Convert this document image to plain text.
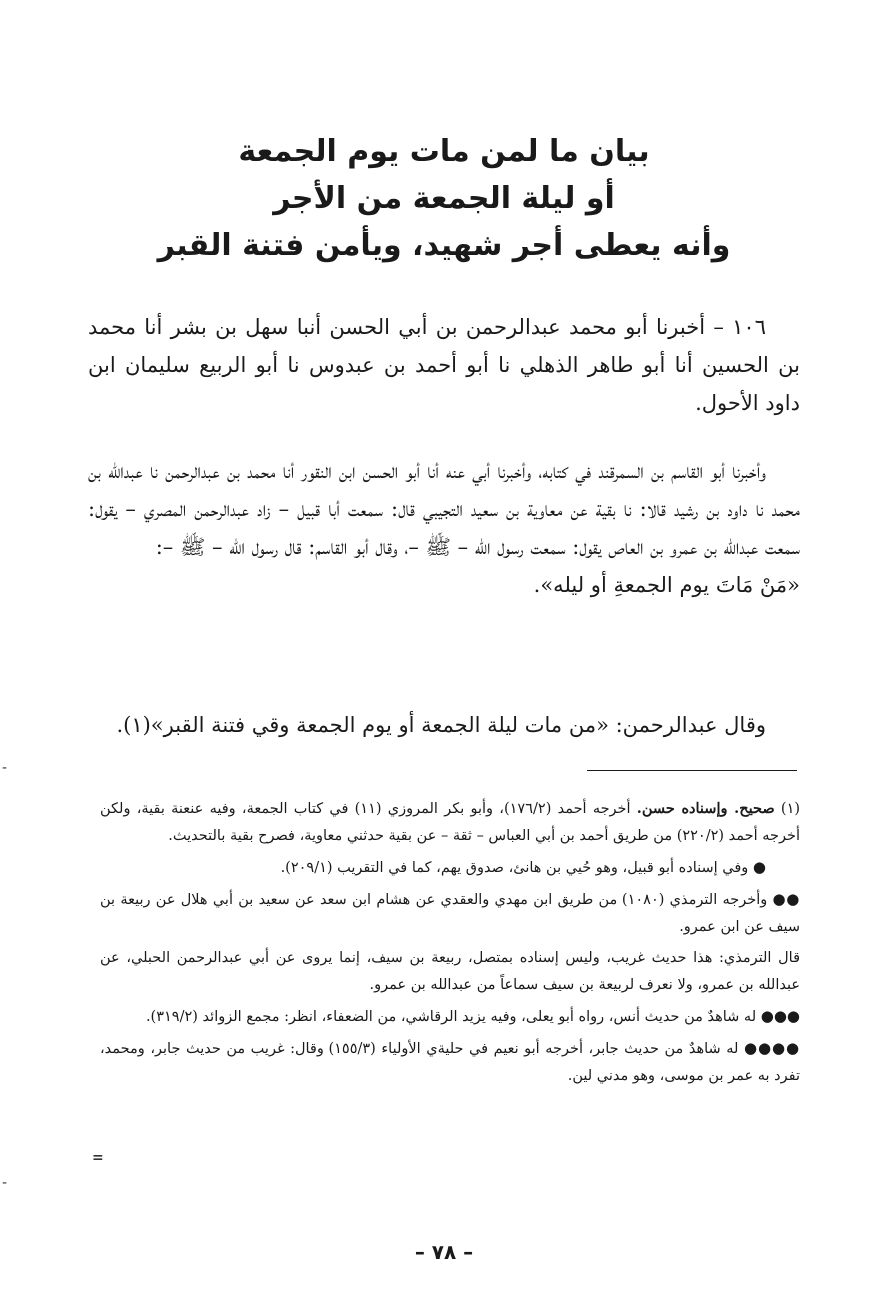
بيان ما لمن مات يوم الجمعة
أو ليلة الجمعة من الأجر
وأنه يعطى أجر شهيد، ويأمن فتنة القبر

١٠٦ – أخبرنا أبو محمد عبدالرحمن بن أبي الحسن أنبا سهل بن بشر أنا محمد بن الحسين أنا أبو طاهر الذهلي نا أبو أحمد بن عبدوس نا أبو الربيع سليمان ابن داود الأحول.

وأخبرنا أبو القاسم بن السمرقند في كتابه، وأخبرنا أبي عنه أنا أبو الحسن ابن النقور أنا محمد بن عبدالرحمن نا عبدالله بن محمد نا داود بن رشيد قالا: نا بقية عن معاوية بن سعيد التجيبي قال: سمعت أبا قبيل – زاد عبدالرحمن المصري – يقول: سمعت عبدالله بن عمرو بن العاص يقول: سمعت رسول الله – ﷺ –، وقال أبو القاسم: قال رسول الله – ﷺ –:

«مَنْ مَاتَ يوم الجمعةِ أو ليله».

وقال عبدالرحمن: «من مات ليلة الجمعة أو يوم الجمعة وقي فتنة القبر»(١).

(١) صحيح. وإسناده حسن. أخرجه أحمد (١٧٦/٢)، وأبو بكر المروزي (١١) في كتاب الجمعة، وفيه عنعنة بقية، ولكن أخرجه أحمد (٢٢٠/٢) من طريق أحمد بن أبي العباس – ثقة – عن بقية حدثني معاوية، فصرح بقية بالتحديث.

● وفي إسناده أبو قبيل، وهو حُيي بن هانئ، صدوق يهم، كما في التقريب (٢٠٩/١).

●● وأخرجه الترمذي (١٠٨٠) من طريق ابن مهدي والعقدي عن هشام ابن سعد عن سعيد بن أبي هلال عن ربيعة بن سيف عن ابن عمرو.

قال الترمذي: هذا حديث غريب، وليس إسناده بمتصل، ربيعة بن سيف، إنما يروى عن أبي عبدالرحمن الحبلي، عن عبدالله بن عمرو، ولا نعرف لربيعة بن سيف سماعاً من عبدالله بن عمرو.

●●● له شاهدٌ من حديث أنس، رواه أبو يعلى، وفيه يزيد الرقاشي، من الضعفاء، انظر: مجمع الزوائد (٣١٩/٢).

●●●● له شاهدٌ من حديث جابر، أخرجه أبو نعيم في حليةي الأولياء (١٥٥/٣) وقال: غريب من حديث جابر، ومحمد، تفرد به عمر بن موسى، وهو مدني لين.

=
-
-
– ٧٨ –
